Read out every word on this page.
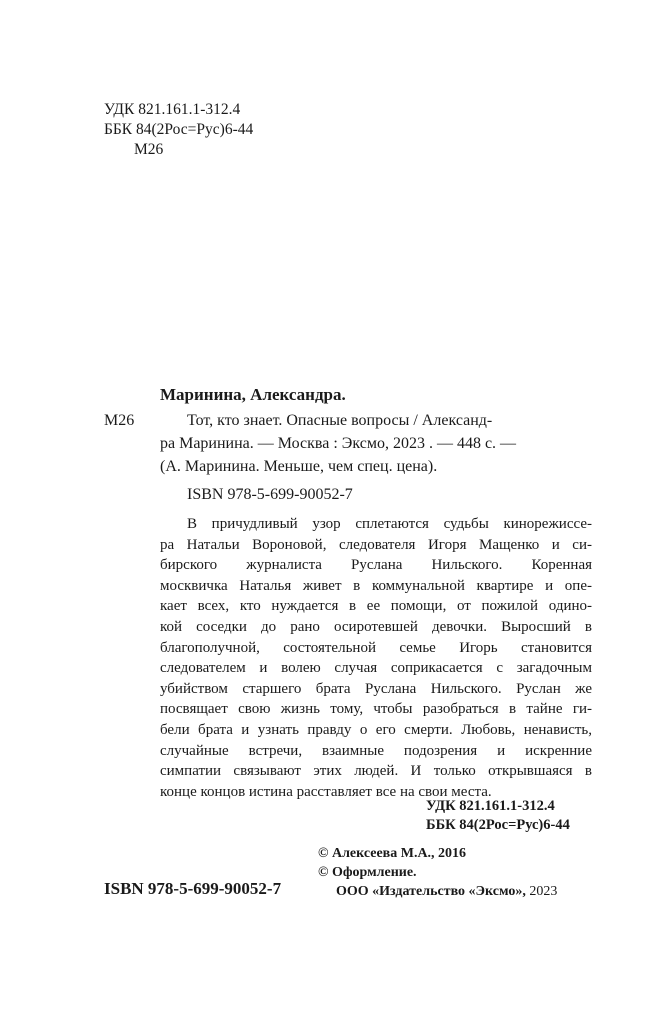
УДК 821.161.1-312.4
ББК 84(2Рос=Рус)6-44
М26
Маринина, Александра.
М26	Тот, кто знает. Опасные вопросы / Александ-
ра Маринина. — Москва : Эксмо, 2023 . — 448 с. —
(А. Маринина. Меньше, чем спец. цена).
ISBN 978-5-699-90052-7
В причудливый узор сплетаются судьбы кинорежиссе-
ра Натальи Вороновой, следователя Игоря Мащенко и си-
бирского журналиста Руслана Нильского. Коренная
москвичка Наталья живет в коммунальной квартире и опе-
кает всех, кто нуждается в ее помощи, от пожилой одино-
кой соседки до рано осиротевшей девочки. Выросший в
благополучной, состоятельной семье Игорь становится
следователем и волею случая соприкасается с загадочным
убийством старшего брата Руслана Нильского. Руслан же
посвящает свою жизнь тому, чтобы разобраться в тайне ги-
бели брата и узнать правду о его смерти. Любовь, ненависть,
случайные встречи, взаимные подозрения и искренние
симпатии связывают этих людей. И только открывшаяся в
конце концов истина расставляет все на свои места.
УДК 821.161.1-312.4
ББК 84(2Рос=Рус)6-44
© Алексеева М.А., 2016
© Оформление.
ООО «Издательство «Эксмо», 2023
ISBN 978-5-699-90052-7
